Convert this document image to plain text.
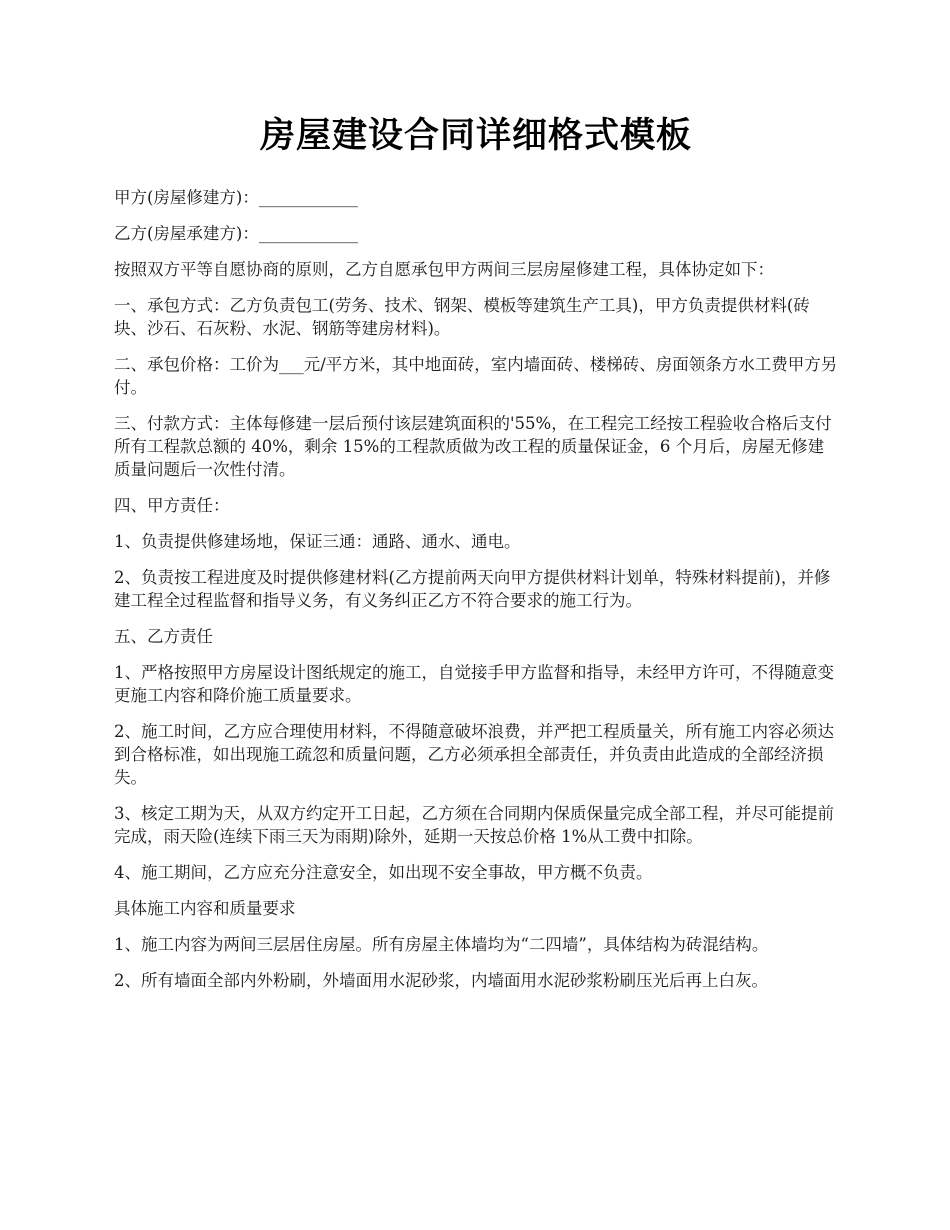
房屋建设合同详细格式模板

甲方(房屋修建方)：____________

乙方(房屋承建方)：____________

按照双方平等自愿协商的原则，乙方自愿承包甲方两间三层房屋修建工程，具体协定如下：

一、承包方式：乙方负责包工(劳务、技术、钢架、模板等建筑生产工具)，甲方负责提供材料(砖块、沙石、石灰粉、水泥、钢筋等建房材料)。

二、承包价格：工价为___元/平方米，其中地面砖，室内墙面砖、楼梯砖、房面领条方水工费甲方另付。

三、付款方式：主体每修建一层后预付该层建筑面积的'55%，在工程完工经按工程验收合格后支付所有工程款总额的 40%，剩余 15%的工程款质做为改工程的质量保证金，6 个月后，房屋无修建质量问题后一次性付清。

四、甲方责任：

1、负责提供修建场地，保证三通：通路、通水、通电。

2、负责按工程进度及时提供修建材料(乙方提前两天向甲方提供材料计划单，特殊材料提前)，并修建工程全过程监督和指导义务，有义务纠正乙方不符合要求的施工行为。

五、乙方责任

1、严格按照甲方房屋设计图纸规定的施工，自觉接手甲方监督和指导，未经甲方许可，不得随意变更施工内容和降价施工质量要求。

2、施工时间，乙方应合理使用材料，不得随意破坏浪费，并严把工程质量关，所有施工内容必须达到合格标准，如出现施工疏忽和质量问题，乙方必须承担全部责任，并负责由此造成的全部经济损失。

3、核定工期为天，从双方约定开工日起，乙方须在合同期内保质保量完成全部工程，并尽可能提前完成，雨天险(连续下雨三天为雨期)除外，延期一天按总价格 1%从工费中扣除。

4、施工期间，乙方应充分注意安全，如出现不安全事故，甲方概不负责。

具体施工内容和质量要求

1、施工内容为两间三层居住房屋。所有房屋主体墙均为“二四墙”，具体结构为砖混结构。

2、所有墙面全部内外粉刷，外墙面用水泥砂浆，内墙面用水泥砂浆粉刷压光后再上白灰。
